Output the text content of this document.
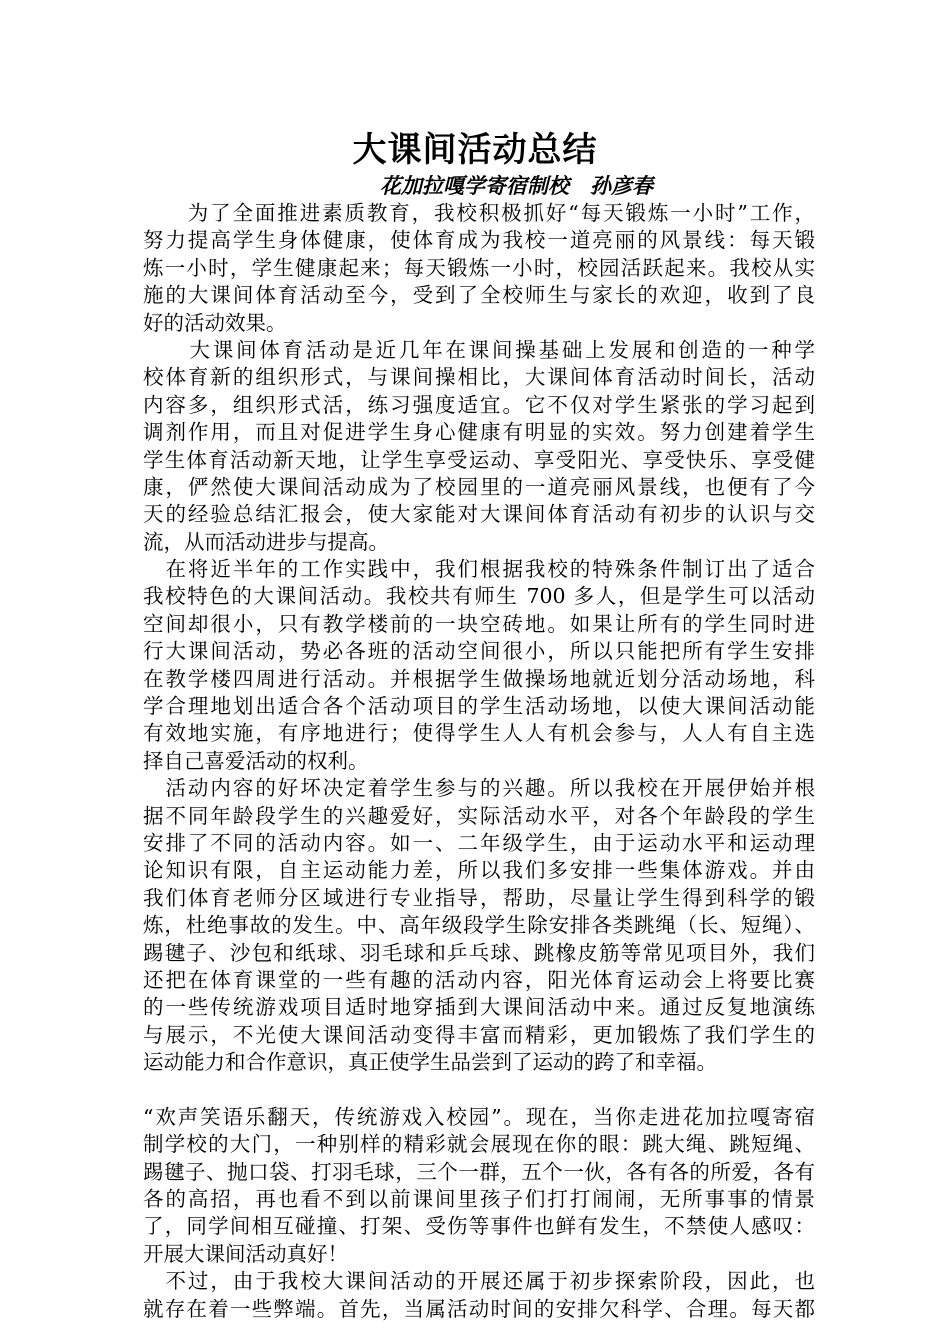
大课间活动总结
花加拉嘎学寄宿制校　孙彦春
　　为了全面推进素质教育，我校积极抓好“每天锻炼一小时”工作，
努力提高学生身体健康，使体育成为我校一道亮丽的风景线：每天锻
炼一小时，学生健康起来；每天锻炼一小时，校园活跃起来。我校从实
施的大课间体育活动至今，受到了全校师生与家长的欢迎，收到了良
好的活动效果。
　　大课间体育活动是近几年在课间操基础上发展和创造的一种学
校体育新的组织形式，与课间操相比，大课间体育活动时间长，活动
内容多，组织形式活，练习强度适宜。它不仅对学生紧张的学习起到
调剂作用，而且对促进学生身心健康有明显的实效。努力创建着学生
学生体育活动新天地，让学生享受运动、享受阳光、享受快乐、享受健
康，俨然使大课间活动成为了校园里的一道亮丽风景线，也便有了今
天的经验总结汇报会，使大家能对大课间体育活动有初步的认识与交
流，从而活动进步与提高。
　在将近半年的工作实践中，我们根据我校的特殊条件制订出了适合
我校特色的大课间活动。我校共有师生 700 多人，但是学生可以活动
空间却很小，只有教学楼前的一块空砖地。如果让所有的学生同时进
行大课间活动，势必各班的活动空间很小，所以只能把所有学生安排
在教学楼四周进行活动。并根据学生做操场地就近划分活动场地，科
学合理地划出适合各个活动项目的学生活动场地，以使大课间活动能
有效地实施，有序地进行；使得学生人人有机会参与，人人有自主选
择自己喜爱活动的权利。
　活动内容的好坏决定着学生参与的兴趣。所以我校在开展伊始并根
据不同年龄段学生的兴趣爱好，实际活动水平，对各个年龄段的学生
安排了不同的活动内容。如一、二年级学生，由于运动水平和运动理
论知识有限，自主运动能力差，所以我们多安排一些集体游戏。并由
我们体育老师分区域进行专业指导，帮助，尽量让学生得到科学的锻
炼，杜绝事故的发生。中、高年级段学生除安排各类跳绳（长、短绳）、
踢毽子、沙包和纸球、羽毛球和乒乓球、跳橡皮筋等常见项目外，我们
还把在体育课堂的一些有趣的活动内容，阳光体育运动会上将要比赛
的一些传统游戏项目适时地穿插到大课间活动中来。通过反复地演练
与展示，不光使大课间活动变得丰富而精彩，更加锻炼了我们学生的
运动能力和合作意识，真正使学生品尝到了运动的跨了和幸福。
“欢声笑语乐翻天，传统游戏入校园”。现在，当你走进花加拉嘎寄宿
制学校的大门，一种别样的精彩就会展现在你的眼：跳大绳、跳短绳、
踢毽子、抛口袋、打羽毛球，三个一群，五个一伙，各有各的所爱，各有
各的高招，再也看不到以前课间里孩子们打打闹闹，无所事事的情景
了，同学间相互碰撞、打架、受伤等事件也鲜有发生，不禁使人感叹：
开展大课间活动真好！
　不过，由于我校大课间活动的开展还属于初步探索阶段，因此，也
就存在着一些弊端。首先，当属活动时间的安排欠科学、合理。每天都
